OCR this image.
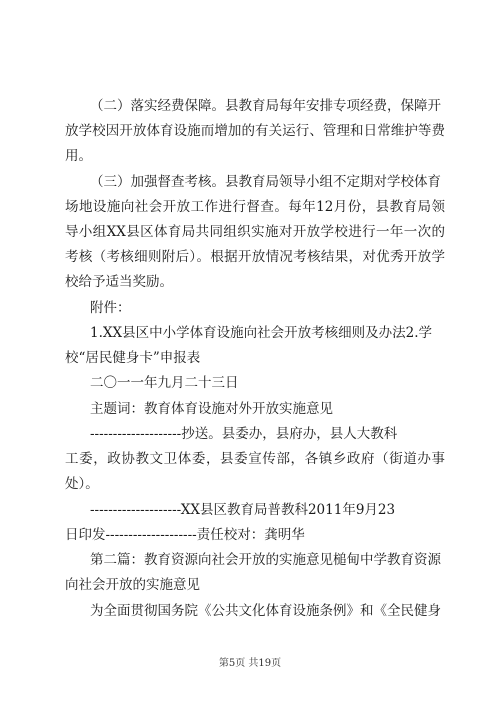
（二）落实经费保障。县教育局每年安排专项经费，保障开
放学校因开放体育设施而增加的有关运行、管理和日常维护等费
用。
（三）加强督查考核。县教育局领导小组不定期对学校体育
场地设施向社会开放工作进行督查。每年12月份，县教育局领
导小组XX县区体育局共同组织实施对开放学校进行一年一次的
考核（考核细则附后）。根据开放情况考核结果，对优秀开放学
校给予适当奖励。
附件：
1.XX县区中小学体育设施向社会开放考核细则及办法2.学
校“居民健身卡”申报表
二〇一一年九月二十三日
主题词：教育体育设施对外开放实施意见
--------------------抄送。县委办，县府办，县人大教科
工委，政协教文卫体委，县委宣传部，各镇乡政府（街道办事
处）。
--------------------XX县区教育局普教科2011年9月23
日印发--------------------责任校对：龚明华
第二篇：教育资源向社会开放的实施意见槌甸中学教育资源
向社会开放的实施意见
为全面贯彻国务院《公共文化体育设施条例》和《全民健身
第5页 共19页
